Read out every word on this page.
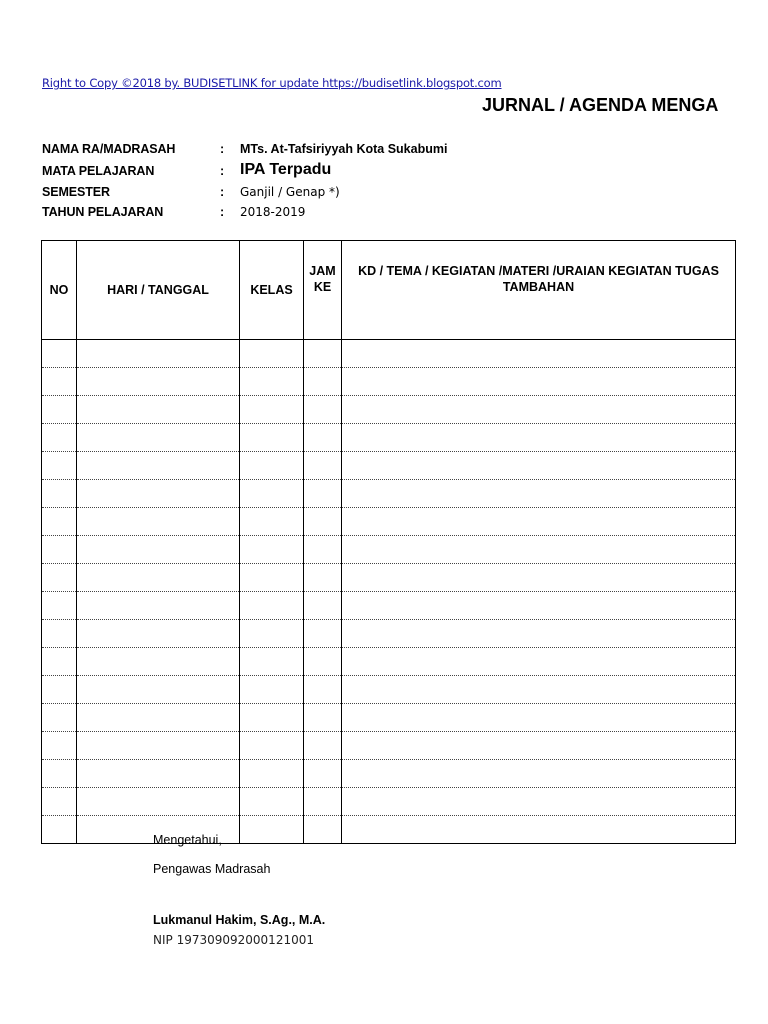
Right to Copy ©2018 by. BUDISETLINK for update https://budisetlink.blogspot.com
JURNAL / AGENDA MENGA
NAMA RA/MADRASAH	: MTs. At-Tafsiriyyah Kota Sukabumi
MATA PELAJARAN	: IPA Terpadu
SEMESTER	: Ganjil / Genap *)
TAHUN PELAJARAN	: 2018-2019
NO	HARI / TANGGAL	KELAS	JAM KE	KD / TEMA / KEGIATAN /MATERI /URAIAN KEGIATAN TUGAS TAMBAHAN

Mengetahui,
Pengawas Madrasah
Lukmanul Hakim, S.Ag., M.A.
NIP 197309092000121001
